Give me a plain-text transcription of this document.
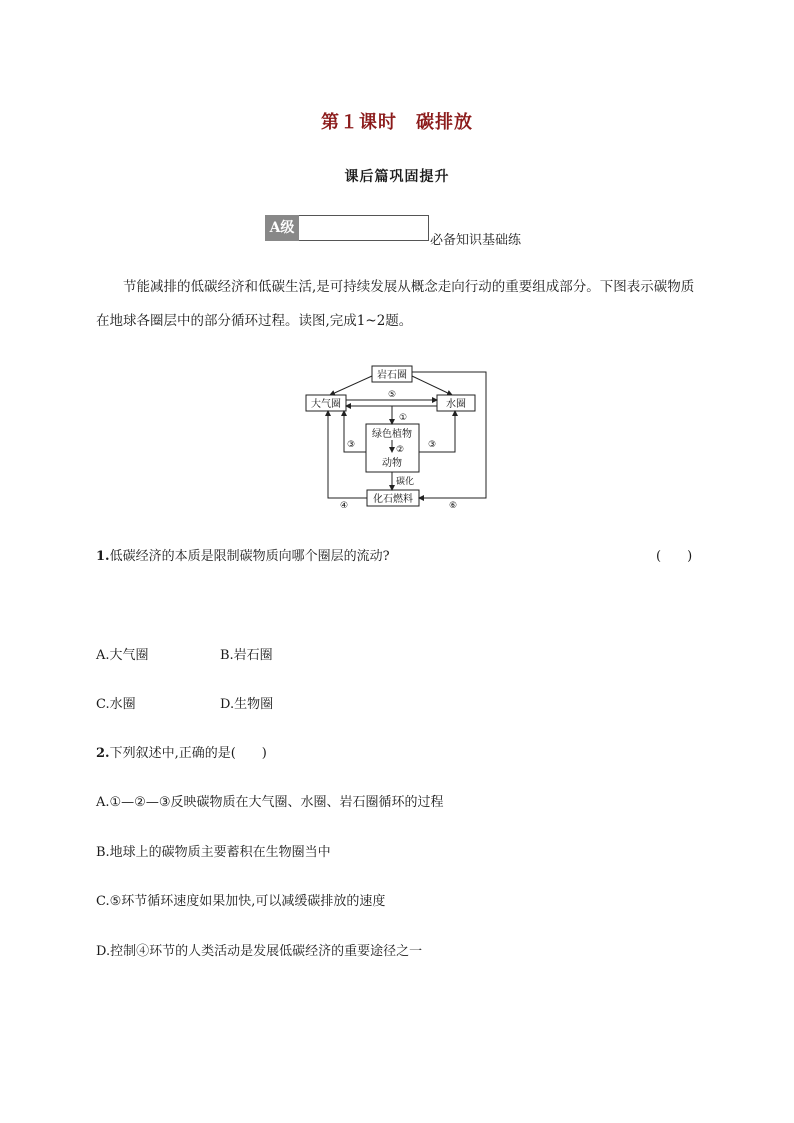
第１课时　碳排放
课后篇巩固提升
A级
必备知识基础练
节能减排的低碳经济和低碳生活,是可持续发展从概念走向行动的重要组成部分。下图表示碳物质在地球各圈层中的部分循环过程。读图,完成1~2题。
岩石圈
大气圈	水圈
绿色植物
动物
化石燃料
⑤
①
②
③	③
碳化
④	⑥
1.低碳经济的本质是限制碳物质向哪个圈层的流动?	(　　)
A.大气圈	B.岩石圈
C.水圈	D.生物圈
2.下列叙述中,正确的是(　　)
A.①—②—③反映碳物质在大气圈、水圈、岩石圈循环的过程
B.地球上的碳物质主要蓄积在生物圈当中
C.⑤环节循环速度如果加快,可以减缓碳排放的速度
D.控制④环节的人类活动是发展低碳经济的重要途径之一
